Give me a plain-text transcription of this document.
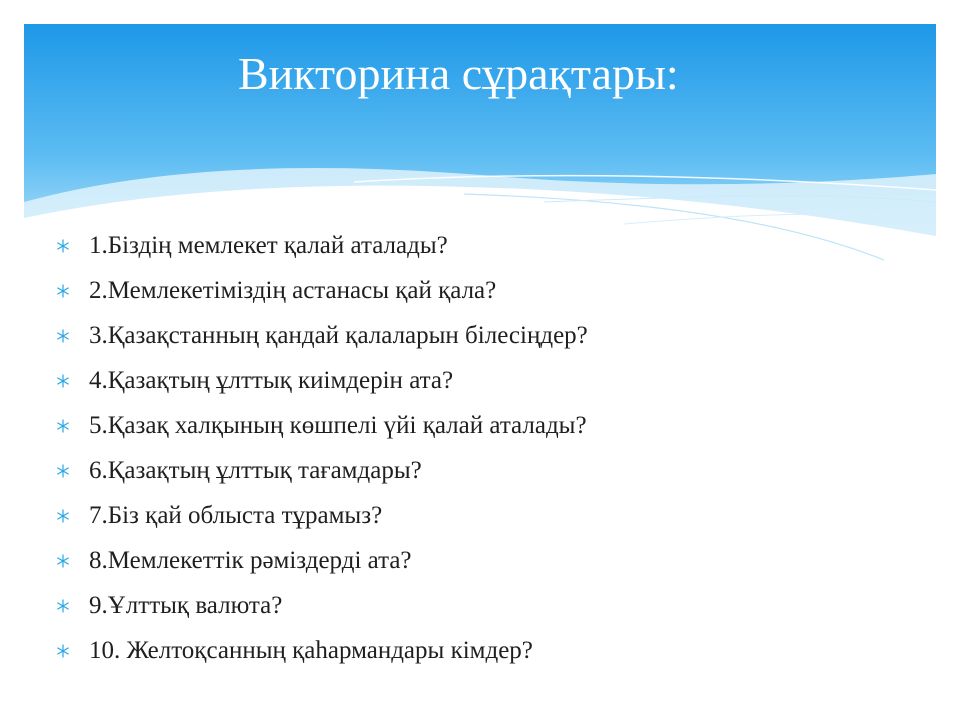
Викторина сұрақтары:
1.Біздің мемлекет қалай аталады?
2.Мемлекетіміздің астанасы қай қала?
3.Қазақстанның қандай қалаларын білесіңдер?
4.Қазақтың ұлттық киімдерін ата?
5.Қазақ халқының көшпелі үйі қалай аталады?
6.Қазақтың ұлттық тағамдары?
7.Біз қай облыста тұрамыз?
8.Мемлекеттік рәміздерді ата?
9.Ұлттық валюта?
10. Желтоқсанның қаһармандары кімдер?
